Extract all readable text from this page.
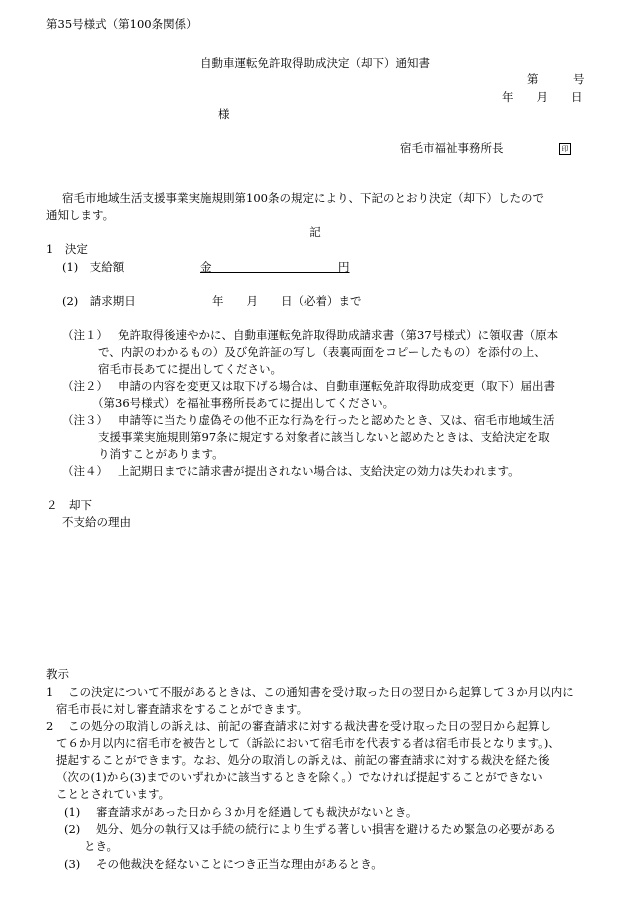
第35号様式（第100条関係）
自動車運転免許取得助成決定（却下）通知書
第　　　号
年　　月　　日
様
宿毛市福祉事務所長	印
宿毛市地域生活支援事業実施規則第100条の規定により、下記のとおり決定（却下）したので
通知します。
記
1　決定
(1)　支給額	金　　　　　　　　　　　円
(2)　請求期日	年　　月　　日（必着）まで
（注１） 免許取得後速やかに、自動車運転免許取得助成請求書（第37号様式）に領収書（原本
で、内訳のわかるもの）及び免許証の写し（表裏両面をコピーしたもの）を添付の上、
宿毛市長あてに提出してください。
（注２） 申請の内容を変更又は取下げる場合は、自動車運転免許取得助成変更（取下）届出書
（第36号様式）を福祉事務所長あてに提出してください。
（注３） 申請等に当たり虚偽その他不正な行為を行ったと認めたとき、又は、宿毛市地域生活
支援事業実施規則第97条に規定する対象者に該当しないと認めたときは、支給決定を取
り消すことがあります。
（注４） 上記期日までに請求書が提出されない場合は、支給決定の効力は失われます。
２　却下
不支給の理由
教示
1 この決定について不服があるときは、この通知書を受け取った日の翌日から起算して３か月以内に
宿毛市長に対し審査請求をすることができます。
2 この処分の取消しの訴えは、前記の審査請求に対する裁決書を受け取った日の翌日から起算し
て６か月以内に宿毛市を被告として（訴訟において宿毛市を代表する者は宿毛市長となります。)、
提起することができます。なお、処分の取消しの訴えは、前記の審査請求に対する裁決を経た後
（次の(1)から(3)までのいずれかに該当するときを除く。）でなければ提起することができない
こととされています。
(1) 審査請求があった日から３か月を経過しても裁決がないとき。
(2) 処分、処分の執行又は手続の続行により生ずる著しい損害を避けるため緊急の必要がある
とき。
(3) その他裁決を経ないことにつき正当な理由があるとき。
